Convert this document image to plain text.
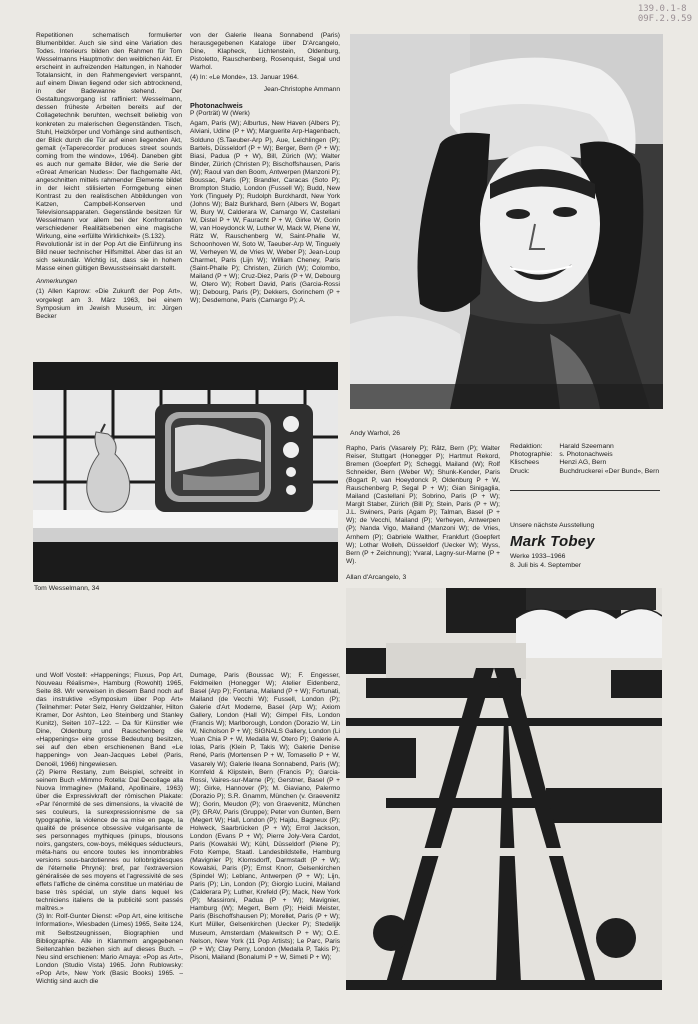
139.0.1-8
09F.2.9.59

Repetitionen schematisch formulierter Blumenbilder. Auch sie sind eine Variation des Todes. Interieurs bilden den Rahmen für Tom Wesselmanns Hauptmotiv: den weiblichen Akt. Er erscheint in aufreizenden Haltungen, in Nahoder Totalansicht, in den Rahmengeviert verspannt, auf einem Diwan liegend oder sich abtrocknend, in der Badewanne stehend. Der Gestaltungsvorgang ist raffiniert: Wesselmann, dessen früheste Arbeiten bereits auf der Collagetechnik beruhten, wechselt beliebig von konkreten zu malerischen Gegenständen. Tisch, Stuhl, Heizkörper und Vorhänge sind authentisch, der Blick durch die Tür auf einen liegenden Akt, gemalt («Taperecorder produces street sounds coming from the window», 1964). Daneben gibt es auch nur gemalte Bilder, wie die Serie der «Great American Nudes»: Der flachgemalte Akt, angeschnitten mittels rahmender Elemente bildet in der leicht stilisierten Formgebung einen Kontrast zu den realistischen Abbildungen von Katzen, Campbell-Konserven und Televisionsapparaten. Gegenstände besitzen für Wesselmann vor allem bei der Konfrontation verschiedener Realitätsebenen eine magische Wirkung, eine «erfüllte Wirklichkeit» (S.132).

Revolutionär ist in der Pop Art die Einführung ins Bild neuer technischer Hilfsmittel. Aber das ist an sich sekundär. Wichtig ist, dass sie in hohem Masse einen gültigen Bewusstseinsakt darstellt.

Anmerkungen

(1) Allen Kaprow: «Die Zukunft der Pop Art», vorgelegt am 3. März 1963, bei einem Symposium im Jewish Museum, in: Jürgen Becker

von der Galerie Ileana Sonnabend (Paris) herausgegebenen Kataloge über D'Arcangelo, Dine, Klapheck, Lichtenstein, Oldenburg, Pistoletto, Rauschenberg, Rosenquist, Segal und Warhol.

(4) In: «Le Monde», 13. Januar 1964.

Jean-Christophe Ammann

Photonachweis

P (Porträt) W (Werk)

Agam, Paris (W); Alburtus, New Haven (Albers P); Alviani, Udine (P + W); Marguerite Arp-Hagenbach, Solduno (S.Taeuber-Arp P), Aue, Leichlingen (P); Bartels, Düsseldorf (P + W); Berger, Bern (P + W); Biasi, Padua (P + W), Bill, Zürich (W); Walter Binder, Zürich (Christen P); Bischoffshausen, Paris (W); Raoul van den Boom, Antwerpen (Manzoni P); Boussac, Paris (P); Brandler, Caracas (Soto P); Brompton Studio, London (Fussell W); Budd, New York (Tinguely P); Rudolph Burckhardt, New York (Johns W); Balz Burkhard, Bern (Albers W, Bogart W, Bury W, Calderara W, Camargo W, Castellani W, Distel P + W, Fauracht P + W, Girke W, Gorin W, van Hoeydonck W, Luther W, Mack W, Piene W, Rätz W, Rauschenberg W, Saint-Phalle W, Schoonhoven W, Soto W, Taeuber-Arp W, Tinguely W, Verheyen W, de Vries W, Weber P); Jean-Loup Charmet, Paris (Lijn W); William Cheney, Paris (Saint-Phalle P); Christen, Zürich (W); Colombo, Mailand (P + W); Cruz-Diez, Paris (P + W, Debourg W, Otero W); Robert David, Paris (Garcia-Rossi W); Debourg, Paris (P); Dekkers, Gorinchem (P + W); Desdemone, Paris (Camargo P); A.

Andy Warhol, 26
Tom Wesselmann, 34

Rapho, Paris (Vasarely P); Rätz, Bern (P); Walter Reiser, Stuttgart (Honegger P); Hartmut Rekord, Bremen (Goepfert P); Scheggi, Mailand (W); Rolf Schneider, Bern (Weber W); Shunk-Kender, Paris (Bogart P, van Hoeydonck P, Oldenburg P + W, Rauschenberg P, Segal P + W); Gian Sinigaglia, Mailand (Castellani P); Sobrino, Paris (P + W); Margit Staber, Zürich (Bill P); Stein, Paris (P + W); J.L. Swiners, Paris (Agam P); Talman, Basel (P + W); de Vecchi, Mailand (P); Verheyen, Antwerpen (P); Nanda Vigo, Mailand (Manzoni W); de Vries, Arnhem (P); Gabriele Walther, Frankfurt (Goepfert W); Lothar Wolleh, Düsseldorf (Uecker W); Wyss, Bern (P + Zeichnung); Yvaral, Lagny-sur-Marne (P + W).

Allan d'Arcangelo, 3
Redaktion:	Harald Szeemann
Photographie:	s. Photonachweis
Klischees	Henzi AG, Bern
Druck:	Buchdruckerei «Der Bund», Bern
Unsere nächste Ausstellung
Mark Tobey
Werke 1933–1966
8. Juli bis 4. September

und Wolf Vostell: «Happenings; Fluxus, Pop Art, Nouveau Réalisme», Hamburg (Rowohlt) 1965, Seite 88. Wir verweisen in diesem Band noch auf das instruktive «Symposium über Pop Art» (Teilnehmer: Peter Selz, Henry Geldzahler, Hilton Kramer, Dor Ashton, Leo Steinberg und Stanley Kunitz), Seiten 107–122. – Da für Künstler wie Dine, Oldenburg und Rauschenberg die «Happenings» eine grosse Bedeutung besitzen, sei auf den eben erschienenen Band «Le happening» von Jean-Jacques Lebel (Paris, Denoël, 1966) hingewiesen.

(2) Pierre Restany, zum Beispiel, schreibt in seinem Buch «Mimmo Rotella: Dal Decollage alla Nuova Immagine» (Mailand, Apollinaire, 1963) über die Expressivkraft der römischen Plakate: «Par l'énormité de ses dimensions, la vivacité de ses couleurs, la surexpressionnisme de sa typographie, la violence de sa mise en page, la qualité de présence obsessive vulgarisante de ses personnages mythiques (pinups, blousons noirs, gangsters, cow-boys, méléques séducteurs, méta-hans ou encore toutes les innombrables versions sous-bardotiennes ou lollobrigidesques de l'éternelle Phryné): bref, par l'extraversion généralisée de ses moyens et l'agressivité de ses effets l'affiche de cinéma constitue un matériau de base très spécial, un style dans lequel les techniciens italiens de la publicité sont passés maîtres.»

(3) In: Rolf-Gunter Dienst: «Pop Art, eine kritische Information», Wiesbaden (Limes) 1965, Seite 124, mit Selbstzeugnissen, Biographien und Bibliographie. Alle in Klammern angegebenen Seitenzahlen beziehen sich auf dieses Buch. – Neu sind erschienen: Mario Amaya: «Pop as Art», London (Studio Vista) 1965. John Rublowsky: «Pop Art», New York (Basic Books) 1965. – Wichtig sind auch die

Dumage, Paris (Boussac W); F. Engesser, Feldmeilen (Honegger W); Atelier Eidenbenz, Basel (Arp P); Fontana, Mailand (P + W); Fortunati, Mailand (de Vecchi W); Fussell, London (P); Galerie d'Art Moderne, Basel (Arp W); Axiom Gallery, London (Hall W); Gimpel Fils, London (Francis W); Marlborough, London (Dorazio W, Lin W, Nicholson P + W); SIGNALS Gallery, London (Li Yuan Chia P + W, Medalla W, Otero P); Galerie A. Iolas, Paris (Klein P, Takis W); Galerie Denise René, Paris (Mortensen P + W, Tomasello P + W, Vasarely W); Galerie Ileana Sonnabend, Paris (W); Kornfeld & Klipstein, Bern (Francis P); Garcia-Rossi, Vaires-sur-Marne (P); Gerstner, Basel (P + W); Girke, Hannover (P); M. Giaviano, Palermo (Dorazio P); S.R. Gnamm, München (v. Graevenitz W); Gorin, Meudon (P); von Graevenitz, München (P); GRAV, Paris (Gruppe); Peter von Gunten, Bern (Megert W); Hall, London (P); Hajdu, Bagneux (P); Holweck, Saarbrücken (P + W); Errol Jackson, London (Evans P + W); Pierre Joly-Vera Cardot, Paris (Kowalski W); Kühl, Düsseldorf (Piene P); Foto Kempe, Staatl. Landesbildstelle, Hamburg (Mavignier P); Klomsdorff, Darmstadt (P + W); Kowalski, Paris (P); Ernst Knorr, Gelsenkirchen (Spindel W); Leblanc, Antwerpen (P + W); Lijn, Paris (P); Lin, London (P); Giorgio Lucini, Mailand (Calderara P); Luther, Krefeld (P); Mack, New York (P); Massironi, Padua (P + W); Mavignier, Hamburg (W); Megert, Bern (P); Heidi Meister, Paris (Bischoffshausen P); Morellet, Paris (P + W); Kurt Müller, Gelsenkirchen (Uecker P); Stedelijk Museum, Amsterdam (Malewitsch P + W); O.E. Nelson, New York (11 Pop Artists); Le Parc, Paris (P + W); Clay Perry, London (Medalla P, Takis P); Pisoni, Mailand (Bonalumi P + W, Simeti P + W);
